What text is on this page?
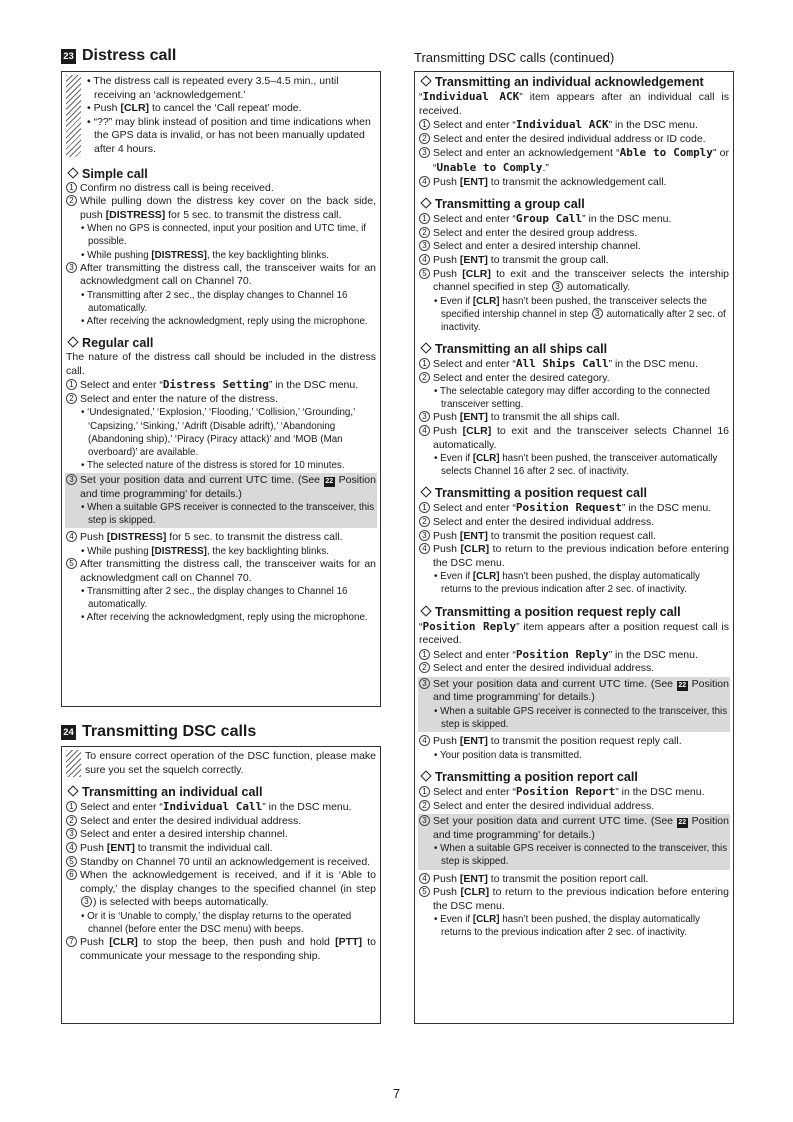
23 Distress call
• The distress call is repeated every 3.5–4.5 min., until receiving an ‘acknowledgement.’
• Push [CLR] to cancel the ‘Call repeat’ mode.
• “??” may blink instead of position and time indications when the GPS data is invalid, or has not been manually updated after 4 hours.
Simple call
1 Confirm no distress call is being received.
2 While pulling down the distress key cover on the back side, push [DISTRESS] for 5 sec. to transmit the distress call.
• When no GPS is connected, input your position and UTC time, if possible.
• While pushing [DISTRESS], the key backlighting blinks.
3 After transmitting the distress call, the transceiver waits for an acknowledgment call on Channel 70.
• Transmitting after 2 sec., the display changes to Channel 16 automatically.
• After receiving the acknowledgment, reply using the microphone.
Regular call
The nature of the distress call should be included in the distress call.
1 Select and enter “Distress Setting” in the DSC menu.
2 Select and enter the nature of the distress.
• ‘Undesignated,’ ‘Explosion,’ ‘Flooding,’ ‘Collision,’ ‘Grounding,’ ‘Capsizing,’ ‘Sinking,’ ‘Adrift (Disable adrift),’ ‘Abandoning (Abandoning ship),’ ‘Piracy (Piracy attack)’ and ‘MOB (Man overboard)’ are available.
• The selected nature of the distress is stored for 10 minutes.
3 Set your position data and current UTC time. (See 22 Position and time programming’ for details.)
• When a suitable GPS receiver is connected to the transceiver, this step is skipped.
4 Push [DISTRESS] for 5 sec. to transmit the distress call.
• While pushing [DISTRESS], the key backlighting blinks.
5 After transmitting the distress call, the transceiver waits for an acknowledgment call on Channel 70.
• Transmitting after 2 sec., the display changes to Channel 16 automatically.
• After receiving the acknowledgment, reply using the microphone.
24 Transmitting DSC calls
To ensure correct operation of the DSC function, please make sure you set the squelch correctly.
Transmitting an individual call
1 Select and enter “Individual Call” in the DSC menu.
2 Select and enter the desired individual address.
3 Select and enter a desired intership channel.
4 Push [ENT] to transmit the individual call.
5 Standby on Channel 70 until an acknowledgement is received.
6 When the acknowledgement is received, and if it is ‘Able to comply,’ the display changes to the specified channel (in step 3 ) is selected with beeps automatically.
• Or it is ‘Unable to comply,’ the display returns to the operated channel (before enter the DSC menu) with beeps.
7 Push [CLR] to stop the beep, then push and hold [PTT] to communicate your message to the responding ship.
Transmitting DSC calls (continued)
Transmitting an individual acknowledgement
“Individual ACK” item appears after an individual call is received.
1 Select and enter “Individual ACK” in the DSC menu.
2 Select and enter the desired individual address or ID code.
3 Select and enter an acknowledgement “Able to Comply” or “Unable to Comply.”
4 Push [ENT] to transmit the acknowledgement call.
Transmitting a group call
1 Select and enter “Group Call” in the DSC menu.
2 Select and enter the desired group address.
3 Select and enter a desired intership channel.
4 Push [ENT] to transmit the group call.
5 Push [CLR] to exit and the transceiver selects the intership channel specified in step 3 automatically.
• Even if [CLR] hasn’t been pushed, the transceiver selects the specified intership channel in step 3 automatically after 2 sec. of inactivity.
Transmitting an all ships call
1 Select and enter “All Ships Call” in the DSC menu.
2 Select and enter the desired category.
• The selectable category may differ according to the connected transceiver setting.
3 Push [ENT] to transmit the all ships call.
4 Push [CLR] to exit and the transceiver selects Channel 16 automatically.
• Even if [CLR] hasn’t been pushed, the transceiver automatically selects Channel 16 after 2 sec. of inactivity.
Transmitting a position request call
1 Select and enter “Position Request” in the DSC menu.
2 Select and enter the desired individual address.
3 Push [ENT] to transmit the position request call.
4 Push [CLR] to return to the previous indication before entering the DSC menu.
• Even if [CLR] hasn’t been pushed, the display automatically returns to the previous indication after 2 sec. of inactivity.
Transmitting a position request reply call
“Position Reply” item appears after a position request call is received.
1 Select and enter “Position Reply” in the DSC menu.
2 Select and enter the desired individual address.
3 Set your position data and current UTC time. (See 22 Position and time programming’ for details.)
• When a suitable GPS receiver is connected to the transceiver, this step is skipped.
4 Push [ENT] to transmit the position request reply call.
• Your position data is transmitted.
Transmitting a position report call
1 Select and enter “Position Report” in the DSC menu.
2 Select and enter the desired individual address.
3 Set your position data and current UTC time. (See 22 Position and time programming’ for details.)
• When a suitable GPS receiver is connected to the transceiver, this step is skipped.
4 Push [ENT] to transmit the position report call.
5 Push [CLR] to return to the previous indication before entering the DSC menu.
• Even if [CLR] hasn’t been pushed, the display automatically returns to the previous indication after 2 sec. of inactivity.
7
